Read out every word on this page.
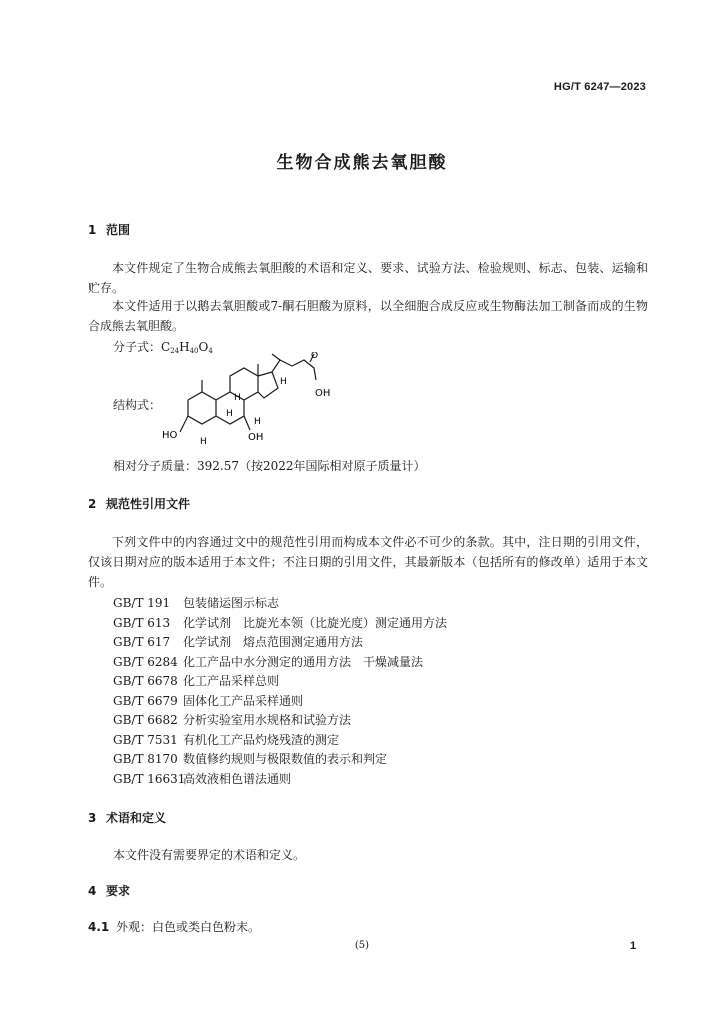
HG/T 6247—2023
生物合成熊去氧胆酸
1 范围
本文件规定了生物合成熊去氧胆酸的术语和定义、要求、试验方法、检验规则、标志、包装、运输和贮存。
本文件适用于以鹅去氧胆酸或7-酮石胆酸为原料，以全细胞合成反应或生物酶法加工制备而成的生物合成熊去氧胆酸。
分子式：$C_{24}H_{40}O_4$
结构式：
HO	OH
OH
O
H
H
H
H
H
相对分子质量：392.57（按2022年国际相对原子质量计）
2 规范性引用文件
下列文件中的内容通过文中的规范性引用而构成本文件必不可少的条款。其中，注日期的引用文件，仅该日期对应的版本适用于本文件；不注日期的引用文件，其最新版本（包括所有的修改单）适用于本文件。
GB/T 191 包装储运图示标志
GB/T 613 化学试剂　比旋光本领（比旋光度）测定通用方法
GB/T 617 化学试剂　熔点范围测定通用方法
GB/T 6284 化工产品中水分测定的通用方法　干燥减量法
GB/T 6678 化工产品采样总则
GB/T 6679 固体化工产品采样通则
GB/T 6682 分析实验室用水规格和试验方法
GB/T 7531 有机化工产品灼烧残渣的测定
GB/T 8170 数值修约规则与极限数值的表示和判定
GB/T 16631高效液相色谱法通则
3 术语和定义
本文件没有需要界定的术语和定义。
4 要求
4.1 外观：白色或类白色粉末。
(5)	1
